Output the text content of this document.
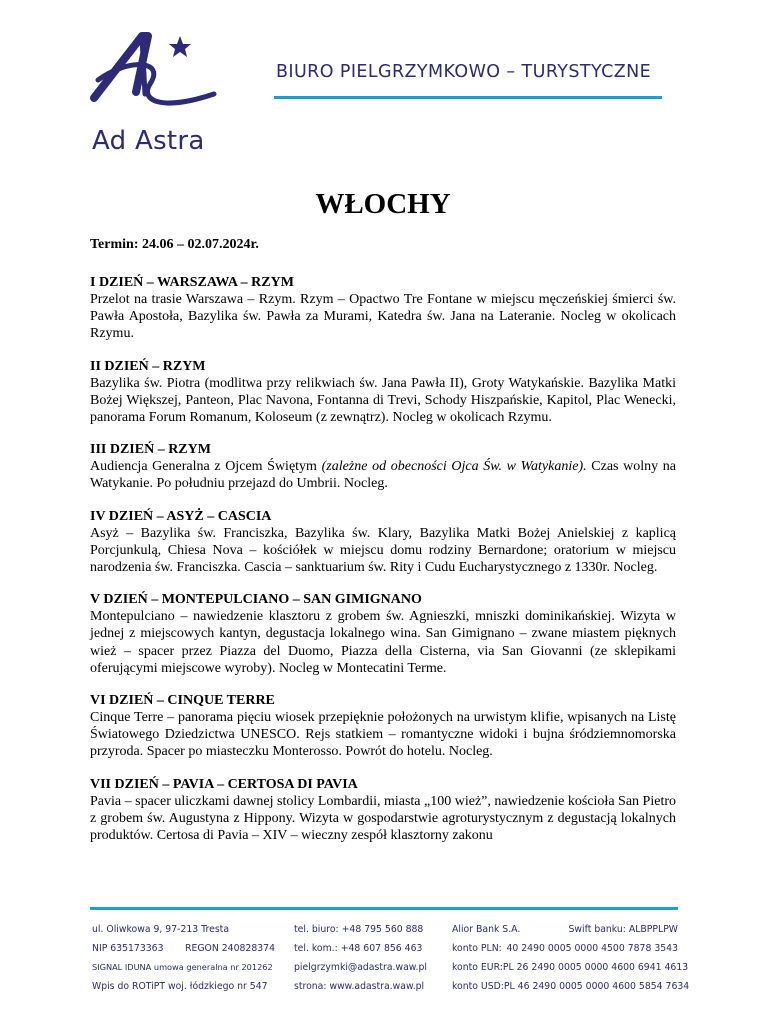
Ad Astra
BIURO PIELGRZYMKOWO – TURYSTYCZNE
WŁOCHY

Termin: 24.06 – 02.07.2024r.

I DZIEŃ – WARSZAWA – RZYM

Przelot na trasie Warszawa – Rzym. Rzym – Opactwo Tre Fontane w miejscu męczeńskiej śmierci św. Pawła Apostoła, Bazylika św. Pawła za Murami, Katedra św. Jana na Lateranie. Nocleg w okolicach Rzymu.

II DZIEŃ – RZYM

Bazylika św. Piotra (modlitwa przy relikwiach św. Jana Pawła II), Groty Watykańskie. Bazylika Matki Bożej Większej, Panteon, Plac Navona, Fontanna di Trevi, Schody Hiszpańskie, Kapitol, Plac Wenecki, panorama Forum Romanum, Koloseum (z zewnątrz). Nocleg w okolicach Rzymu.

III DZIEŃ – RZYM

Audiencja Generalna z Ojcem Świętym (zależne od obecności Ojca Św. w Watykanie). Czas wolny na Watykanie. Po południu przejazd do Umbrii. Nocleg.

IV DZIEŃ – ASYŻ – CASCIA

Asyż – Bazylika św. Franciszka, Bazylika św. Klary, Bazylika Matki Bożej Anielskiej z kaplicą Porcjunkulą, Chiesa Nova – kościółek w miejscu domu rodziny Bernardone; oratorium w miejscu narodzenia św. Franciszka. Cascia – sanktuarium św. Rity i Cudu Eucharystycznego z 1330r. Nocleg.

V DZIEŃ – MONTEPULCIANO – SAN GIMIGNANO

Montepulciano – nawiedzenie klasztoru z grobem św. Agnieszki, mniszki dominikańskiej. Wizyta w jednej z miejscowych kantyn, degustacja lokalnego wina. San Gimignano – zwane miastem pięknych wież – spacer przez Piazza del Duomo, Piazza della Cisterna, via San Giovanni (ze sklepikami oferującymi miejscowe wyroby). Nocleg w Montecatini Terme.

VI DZIEŃ – CINQUE TERRE

Cinque Terre – panorama pięciu wiosek przepięknie położonych na urwistym klifie, wpisanych na Listę Światowego Dziedzictwa UNESCO. Rejs statkiem – romantyczne widoki i bujna śródziemnomorska przyroda. Spacer po miasteczku Monterosso. Powrót do hotelu. Nocleg.

VII DZIEŃ – PAVIA – CERTOSA DI PAVIA

Pavia – spacer uliczkami dawnej stolicy Lombardii, miasta „100 wież”, nawiedzenie kościoła San Pietro z grobem św. Augustyna z Hippony. Wizyta w gospodarstwie agroturystycznym z degustacją lokalnych produktów. Certosa di Pavia – XIV – wieczny zespół klasztorny zakonu

ul. Oliwkowa 9, 97-213 Tresta
NIP 635173363 REGON 240828374
SIGNAL IDUNA umowa generalna nr 201262
Wpis do ROTiPT woj. łódzkiego nr 547
tel. biuro: +48 795 560 888
tel. kom.: +48 607 856 463
pielgrzymki@adastra.waw.pl
strona: www.adastra.waw.pl
Alior Bank S.A.	Swift banku: ALBPPLPW
konto PLN: 40 2490 0005 0000 4500 7878 3543
konto EUR: PL 26 2490 0005 0000 4600 6941 4613
konto USD: PL 46 2490 0005 0000 4600 5854 7634
